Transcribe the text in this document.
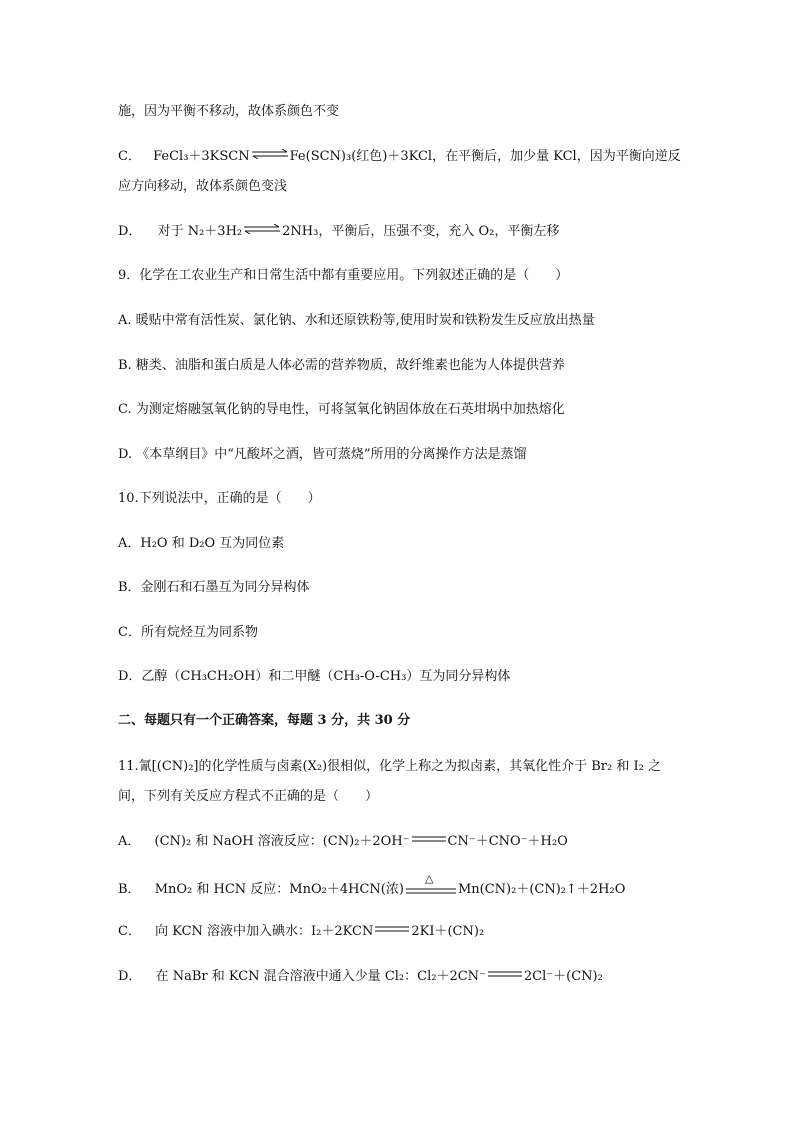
施，因为平衡不移动，故体系颜色不变
C． FeCl₃＋3KSCN⇌Fe(SCN)₃(红色)＋3KCl，在平衡后，加少量 KCl，因为平衡向逆反
应方向移动，故体系颜色变浅
D． 对于 N₂＋3H₂⇌2NH₃，平衡后，压强不变，充入 O₂，平衡左移
9．化学在工农业生产和日常生活中都有重要应用。下列叙述正确的是（　　）
A. 暖贴中常有活性炭、氯化钠、水和还原铁粉等,使用时炭和铁粉发生反应放出热量
B. 糖类、油脂和蛋白质是人体必需的营养物质，故纤维素也能为人体提供营养
C. 为测定熔融氢氧化钠的导电性，可将氢氧化钠固体放在石英坩埚中加热熔化
D. 《本草纲目》中“凡酸坏之酒，皆可蒸烧”所用的分离操作方法是蒸馏
10.下列说法中，正确的是（　　）
A．H₂O 和 D₂O 互为同位素
B．金刚石和石墨互为同分异构体
C．所有烷烃互为同系物
D．乙醇（CH₃CH₂OH）和二甲醚（CH₃-O-CH₃）互为同分异构体
二、每题只有一个正确答案，每题 3 分，共 30 分
11.氰[(CN)₂]的化学性质与卤素(X₂)很相似，化学上称之为拟卤素，其氧化性介于 Br₂ 和 I₂ 之
间，下列有关反应方程式不正确的是（　　）
A． (CN)₂ 和 NaOH 溶液反应：(CN)₂＋2OH⁻	CN⁻＋CNO⁻＋H₂O
B． MnO₂ 和 HCN 反应：MnO₂＋4HCN(浓)
△
Mn(CN)₂＋(CN)₂↑＋2H₂O
C． 向 KCN 溶液中加入碘水：I₂＋2KCN	2KI＋(CN)₂
D． 在 NaBr 和 KCN 混合溶液中通入少量 Cl₂：Cl₂＋2CN⁻	2Cl⁻＋(CN)₂
